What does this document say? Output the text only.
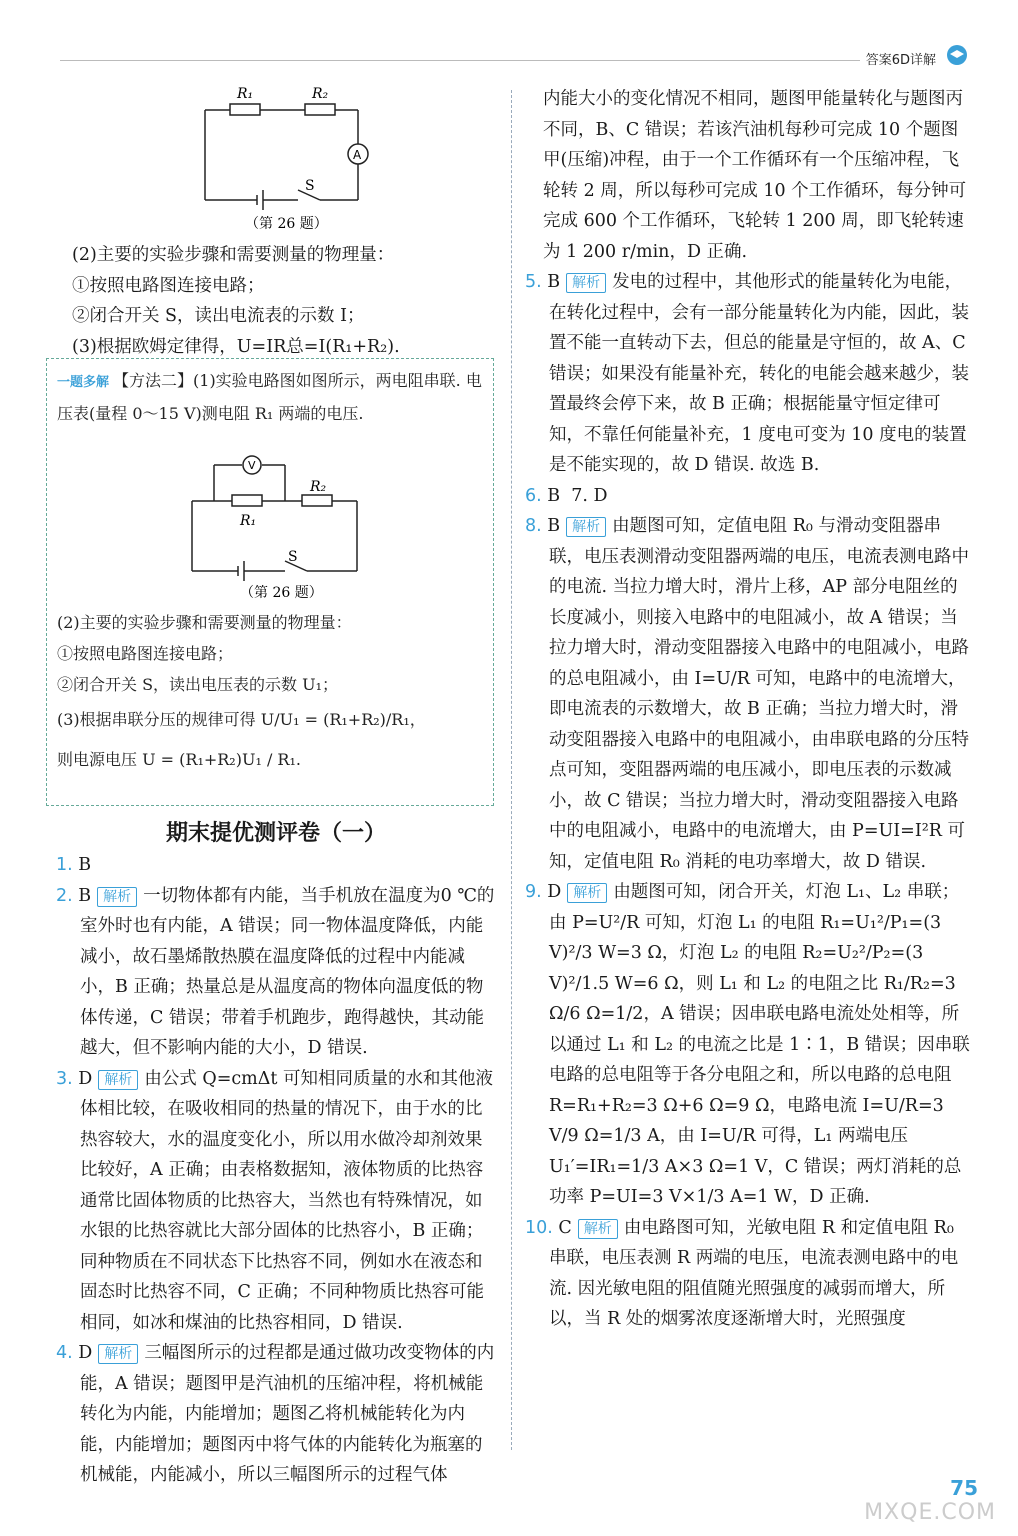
答案6D详解
A
R₁	R₂
S
（第 26 题）

(2)主要的实验步骤和需要测量的物理量：

①按照电路图连接电路；

②闭合开关 S，读出电流表的示数 I；

(3)根据欧姆定律得，U=IR总=I(R₁+R₂).

一题多解 【方法二】(1)实验电路图如图所示，两电阻串联. 电压表(量程 0～15 V)测电阻 R₁ 两端的电压.

V
R₁
R₂
S
（第 26 题）

(2)主要的实验步骤和需要测量的物理量：

①按照电路图连接电路；

②闭合开关 S，读出电压表的示数 U₁；

(3)根据串联分压的规律可得 U/U₁ = (R₁+R₂)/R₁，

则电源电压 U = (R₁+R₂)U₁ / R₁.

期末提优测评卷（一）

1. B

2. B 解析 一切物体都有内能，当手机放在温度为0 ℃的室外时也有内能，A 错误；同一物体温度降低，内能减小，故石墨烯散热膜在温度降低的过程中内能减小，B 正确；热量总是从温度高的物体向温度低的物体传递，C 错误；带着手机跑步，跑得越快，其动能越大，但不影响内能的大小，D 错误.

3. D 解析 由公式 Q=cmΔt 可知相同质量的水和其他液体相比较，在吸收相同的热量的情况下，由于水的比热容较大，水的温度变化小，所以用水做冷却剂效果比较好，A 正确；由表格数据知，液体物质的比热容通常比固体物质的比热容大，当然也有特殊情况，如水银的比热容就比大部分固体的比热容小，B 正确；同种物质在不同状态下比热容不同，例如水在液态和固态时比热容不同，C 正确；不同种物质比热容可能相同，如冰和煤油的比热容相同，D 错误.

4. D 解析 三幅图所示的过程都是通过做功改变物体的内能，A 错误；题图甲是汽油机的压缩冲程，将机械能转化为内能，内能增加；题图乙将机械能转化为内能，内能增加；题图丙中将气体的内能转化为瓶塞的机械能，内能减小，所以三幅图所示的过程气体

内能大小的变化情况不相同，题图甲能量转化与题图丙不同，B、C 错误；若该汽油机每秒可完成 10 个题图甲(压缩)冲程，由于一个工作循环有一个压缩冲程，飞轮转 2 周，所以每秒可完成 10 个工作循环，每分钟可完成 600 个工作循环，飞轮转 1 200 周，即飞轮转速为 1 200 r/min，D 正确.

5. B 解析 发电的过程中，其他形式的能量转化为电能，在转化过程中，会有一部分能量转化为内能，因此，装置不能一直转动下去，但总的能量是守恒的，故 A、C 错误；如果没有能量补充，转化的电能会越来越少，装置最终会停下来，故 B 正确；根据能量守恒定律可知，不靠任何能量补充，1 度电可变为 10 度电的装置是不能实现的，故 D 错误. 故选 B.

6. B 7. D

8. B 解析 由题图可知，定值电阻 R₀ 与滑动变阻器串联，电压表测滑动变阻器两端的电压，电流表测电路中的电流. 当拉力增大时，滑片上移，AP 部分电阻丝的长度减小，则接入电路中的电阻减小，故 A 错误；当拉力增大时，滑动变阻器接入电路中的电阻减小，电路的总电阻减小，由 I=U/R 可知，电路中的电流增大，即电流表的示数增大，故 B 正确；当拉力增大时，滑动变阻器接入电路中的电阻减小，由串联电路的分压特点可知，变阻器两端的电压减小，即电压表的示数减小，故 C 错误；当拉力增大时，滑动变阻器接入电路中的电阻减小，电路中的电流增大，由 P=UI=I²R 可知，定值电阻 R₀ 消耗的电功率增大，故 D 错误.

9. D 解析 由题图可知，闭合开关，灯泡 L₁、L₂ 串联；由 P=U²/R 可知，灯泡 L₁ 的电阻 R₁=U₁²/P₁=(3 V)²/3 W=3 Ω，灯泡 L₂ 的电阻 R₂=U₂²/P₂=(3 V)²/1.5 W=6 Ω，则 L₁ 和 L₂ 的电阻之比 R₁/R₂=3 Ω/6 Ω=1/2，A 错误；因串联电路电流处处相等，所以通过 L₁ 和 L₂ 的电流之比是 1∶1，B 错误；因串联电路的总电阻等于各分电阻之和，所以电路的总电阻 R=R₁+R₂=3 Ω+6 Ω=9 Ω，电路电流 I=U/R=3 V/9 Ω=1/3 A，由 I=U/R 可得，L₁ 两端电压 U₁′=IR₁=1/3 A×3 Ω=1 V，C 错误；两灯消耗的总功率 P=UI=3 V×1/3 A=1 W，D 正确.

10. C 解析 由电路图可知，光敏电阻 R 和定值电阻 R₀ 串联，电压表测 R 两端的电压，电流表测电路中的电流. 因光敏电阻的阻值随光照强度的减弱而增大，所以，当 R 处的烟雾浓度逐渐增大时，光照强度

75
MXQE.COM
